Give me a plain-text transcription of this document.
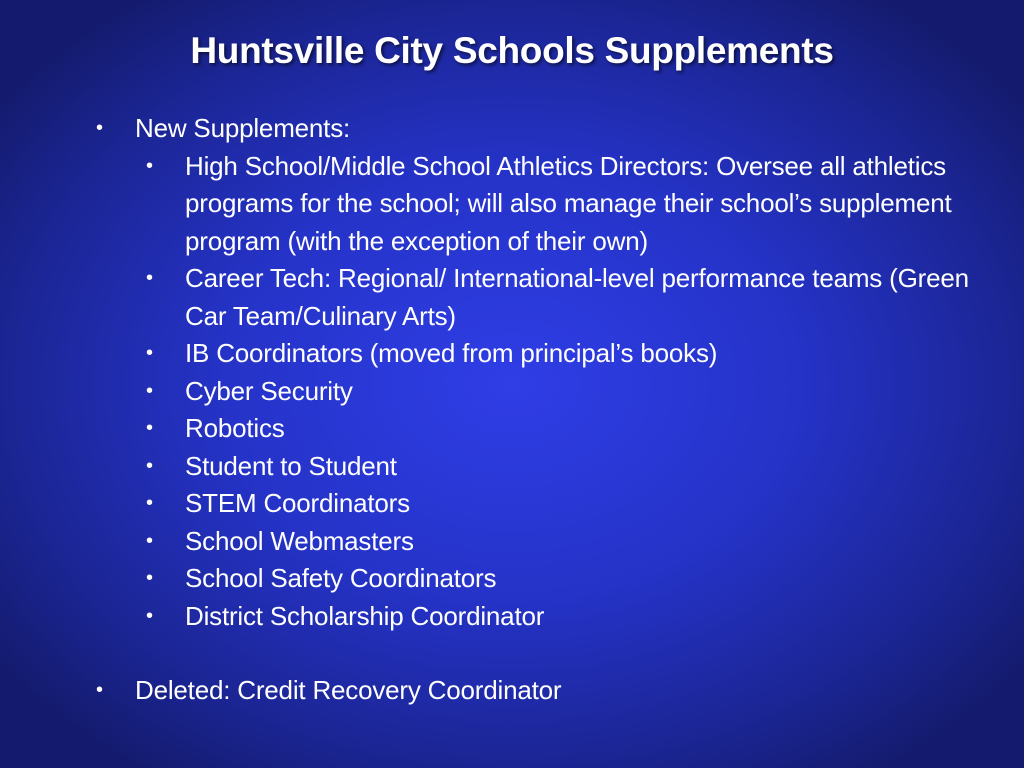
Huntsville City Schools Supplements
• New Supplements:
• High School/Middle School Athletics Directors: Oversee all athletics programs for the school; will also manage their school’s supplement program (with the exception of their own)
• Career Tech: Regional/ International-level performance teams (Green Car Team/Culinary Arts)
• IB Coordinators (moved from principal’s books)
• Cyber Security
• Robotics
• Student to Student
• STEM Coordinators
• School Webmasters
• School Safety Coordinators
• District Scholarship Coordinator
• Deleted: Credit Recovery Coordinator
